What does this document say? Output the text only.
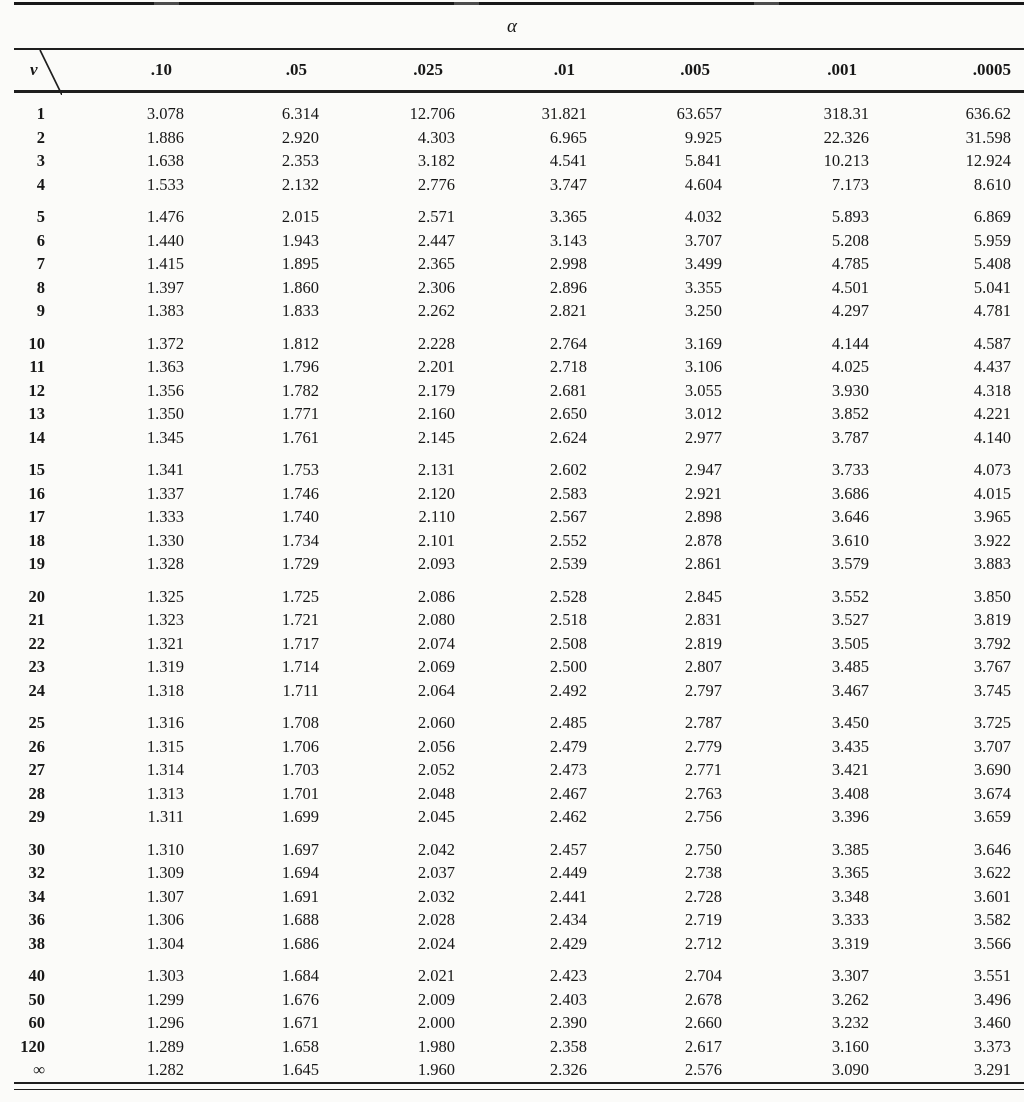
α
ν	.10	.05	.025	.01	.005	.001	.0005
1	3.078	6.314	12.706	31.821	63.657	318.31	636.62
2	1.886	2.920	4.303	6.965	9.925	22.326	31.598
3	1.638	2.353	3.182	4.541	5.841	10.213	12.924
4	1.533	2.132	2.776	3.747	4.604	7.173	8.610
5	1.476	2.015	2.571	3.365	4.032	5.893	6.869
6	1.440	1.943	2.447	3.143	3.707	5.208	5.959
7	1.415	1.895	2.365	2.998	3.499	4.785	5.408
8	1.397	1.860	2.306	2.896	3.355	4.501	5.041
9	1.383	1.833	2.262	2.821	3.250	4.297	4.781
10	1.372	1.812	2.228	2.764	3.169	4.144	4.587
11	1.363	1.796	2.201	2.718	3.106	4.025	4.437
12	1.356	1.782	2.179	2.681	3.055	3.930	4.318
13	1.350	1.771	2.160	2.650	3.012	3.852	4.221
14	1.345	1.761	2.145	2.624	2.977	3.787	4.140
15	1.341	1.753	2.131	2.602	2.947	3.733	4.073
16	1.337	1.746	2.120	2.583	2.921	3.686	4.015
17	1.333	1.740	2.110	2.567	2.898	3.646	3.965
18	1.330	1.734	2.101	2.552	2.878	3.610	3.922
19	1.328	1.729	2.093	2.539	2.861	3.579	3.883
20	1.325	1.725	2.086	2.528	2.845	3.552	3.850
21	1.323	1.721	2.080	2.518	2.831	3.527	3.819
22	1.321	1.717	2.074	2.508	2.819	3.505	3.792
23	1.319	1.714	2.069	2.500	2.807	3.485	3.767
24	1.318	1.711	2.064	2.492	2.797	3.467	3.745
25	1.316	1.708	2.060	2.485	2.787	3.450	3.725
26	1.315	1.706	2.056	2.479	2.779	3.435	3.707
27	1.314	1.703	2.052	2.473	2.771	3.421	3.690
28	1.313	1.701	2.048	2.467	2.763	3.408	3.674
29	1.311	1.699	2.045	2.462	2.756	3.396	3.659
30	1.310	1.697	2.042	2.457	2.750	3.385	3.646
32	1.309	1.694	2.037	2.449	2.738	3.365	3.622
34	1.307	1.691	2.032	2.441	2.728	3.348	3.601
36	1.306	1.688	2.028	2.434	2.719	3.333	3.582
38	1.304	1.686	2.024	2.429	2.712	3.319	3.566
40	1.303	1.684	2.021	2.423	2.704	3.307	3.551
50	1.299	1.676	2.009	2.403	2.678	3.262	3.496
60	1.296	1.671	2.000	2.390	2.660	3.232	3.460
120	1.289	1.658	1.980	2.358	2.617	3.160	3.373
∞	1.282	1.645	1.960	2.326	2.576	3.090	3.291
